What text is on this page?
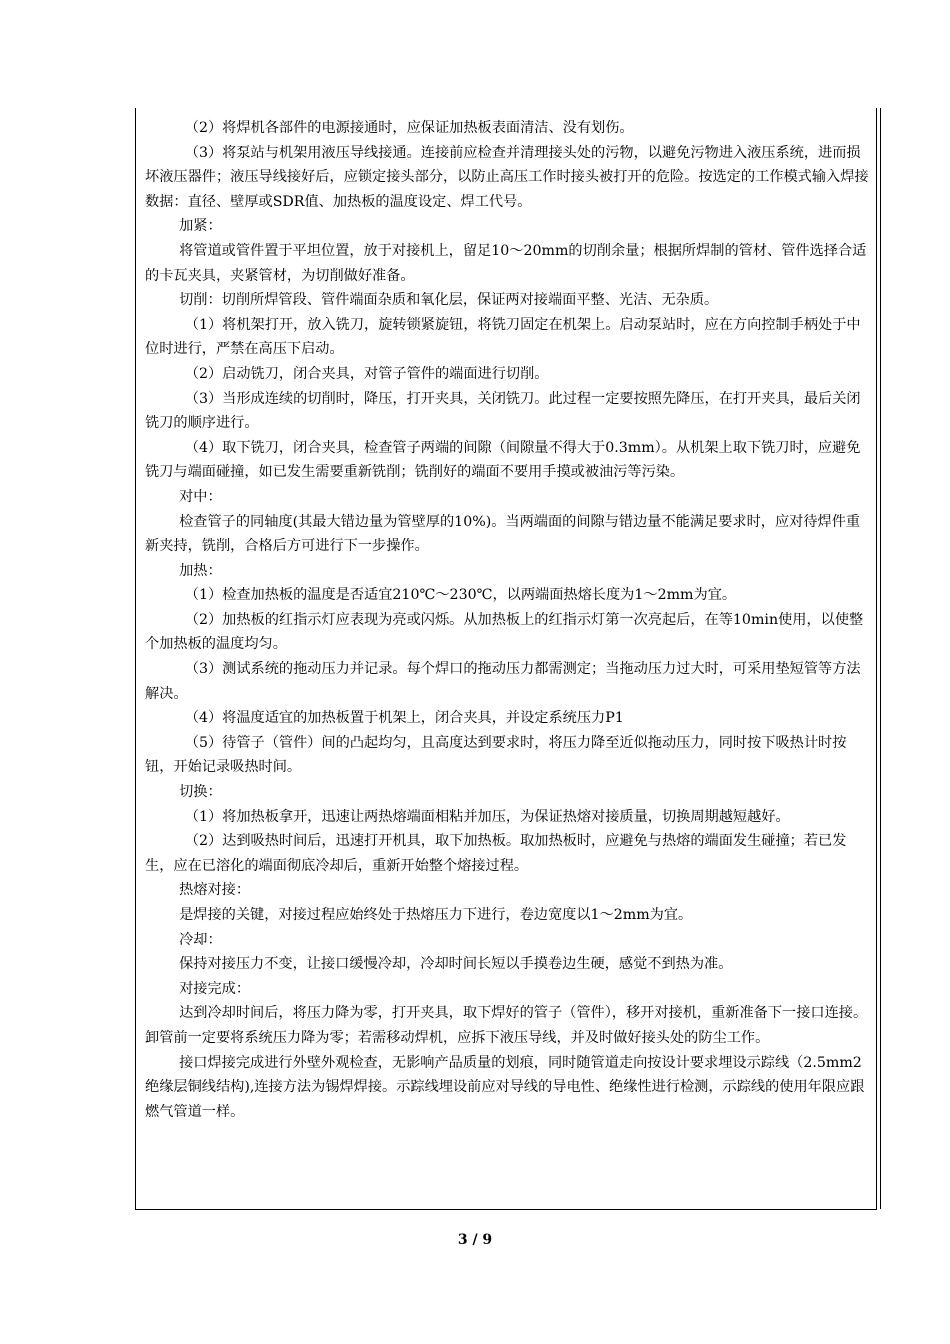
（2）将焊机各部件的电源接通时，应保证加热板表面清洁、没有划伤。

（3）将泵站与机架用液压导线接通。连接前应检查并清理接头处的污物，以避免污物进入液压系统，进而损坏液压器件；液压导线接好后，应锁定接头部分，以防止高压工作时接头被打开的危险。按选定的工作模式输入焊接数据：直径、壁厚或SDR值、加热板的温度设定、焊工代号。

加紧：

将管道或管件置于平坦位置，放于对接机上，留足10～20mm的切削余量；根据所焊制的管材、管件选择合适的卡瓦夹具，夹紧管材，为切削做好准备。

切削：切削所焊管段、管件端面杂质和氧化层，保证两对接端面平整、光洁、无杂质。

（1）将机架打开，放入铣刀，旋转锁紧旋钮，将铣刀固定在机架上。启动泵站时，应在方向控制手柄处于中位时进行，严禁在高压下启动。

（2）启动铣刀，闭合夹具，对管子管件的端面进行切削。

（3）当形成连续的切削时，降压，打开夹具，关闭铣刀。此过程一定要按照先降压，在打开夹具，最后关闭铣刀的顺序进行。

（4）取下铣刀，闭合夹具，检查管子两端的间隙（间隙量不得大于0.3mm）。从机架上取下铣刀时，应避免铣刀与端面碰撞，如已发生需要重新铣削；铣削好的端面不要用手摸或被油污等污染。

对中：

检查管子的同轴度(其最大错边量为管壁厚的10%)。当两端面的间隙与错边量不能满足要求时，应对待焊件重新夹持，铣削，合格后方可进行下一步操作。

加热：

（1）检查加热板的温度是否适宜210℃～230℃，以两端面热熔长度为1～2mm为宜。

（2）加热板的红指示灯应表现为亮或闪烁。从加热板上的红指示灯第一次亮起后，在等10min使用，以使整个加热板的温度均匀。

（3）测试系统的拖动压力并记录。每个焊口的拖动压力都需测定；当拖动压力过大时，可采用垫短管等方法解决。

（4）将温度适宜的加热板置于机架上，闭合夹具，并设定系统压力P1

（5）待管子（管件）间的凸起均匀，且高度达到要求时，将压力降至近似拖动压力，同时按下吸热计时按钮，开始记录吸热时间。

切换：

（1）将加热板拿开，迅速让两热熔端面相粘并加压，为保证热熔对接质量，切换周期越短越好。

（2）达到吸热时间后，迅速打开机具，取下加热板。取加热板时，应避免与热熔的端面发生碰撞；若已发生，应在已溶化的端面彻底冷却后，重新开始整个熔接过程。

热熔对接：

是焊接的关键，对接过程应始终处于热熔压力下进行，卷边宽度以1～2mm为宜。

冷却：

保持对接压力不变，让接口缓慢冷却，冷却时间长短以手摸卷边生硬，感觉不到热为准。

对接完成：

达到冷却时间后，将压力降为零，打开夹具，取下焊好的管子（管件），移开对接机，重新准备下一接口连接。卸管前一定要将系统压力降为零；若需移动焊机，应拆下液压导线，并及时做好接头处的防尘工作。

接口焊接完成进行外壁外观检查，无影响产品质量的划痕，同时随管道走向按设计要求埋设示踪线（2.5mm2绝缘层铜线结构),连接方法为锡焊焊接。示踪线埋设前应对导线的导电性、绝缘性进行检测，示踪线的使用年限应跟燃气管道一样。

3 / 9
